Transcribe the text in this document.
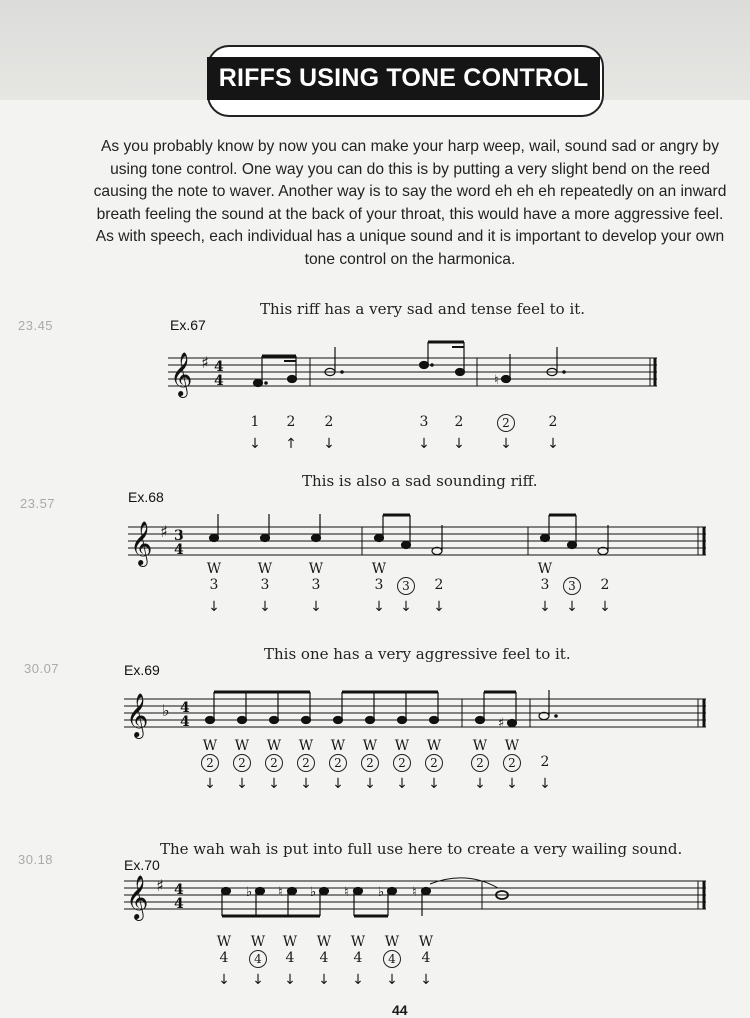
RIFFS USING TONE CONTROL
As you probably know by now you can make your harp weep, wail, sound sad or angry by
using tone control. One way you can do this is by putting a very slight bend on the reed
causing the note to waver. Another way is to say the word eh eh eh repeatedly on an inward
breath feeling the sound at the back of your throat, this would have a more aggressive feel.
As with speech, each individual has a unique sound and it is important to develop your own
tone control on the harmonica.
This riff has a very sad and tense feel to it.
Ex.67
23.45
This is also a sad sounding riff.
Ex.68
23.57
This one has a very aggressive feel to it.
Ex.69
30.07
The wah wah is put into full use here to create a very wailing sound.
Ex.70
30.18
𝄞 ♯ 4
4
𝄞 ♯ 3
4
𝄞 ♭ 4
4
𝄞 ♯ 4
4
♮
♯
♭ ♮ ♭ ♮ ♭ ♮
1
↓
2
↑
2
↓
3
↓
2
↓
2
↓
2
↓
W
3
↓
W
3
↓
W
3
↓
W
3
↓
3
↓
2
↓
W
3
↓
3
↓
2
↓
W
2
↓
W
2
↓
W
2
↓
W
2
↓
W
2
↓
W
2
↓
W
2
↓
W
2
↓
W
2
↓
W
2
↓
2
↓
W
4
↓
W
4
↓
W
4
↓
W
4
↓
W
4
↓
W
4
↓
W
4
↓
44
